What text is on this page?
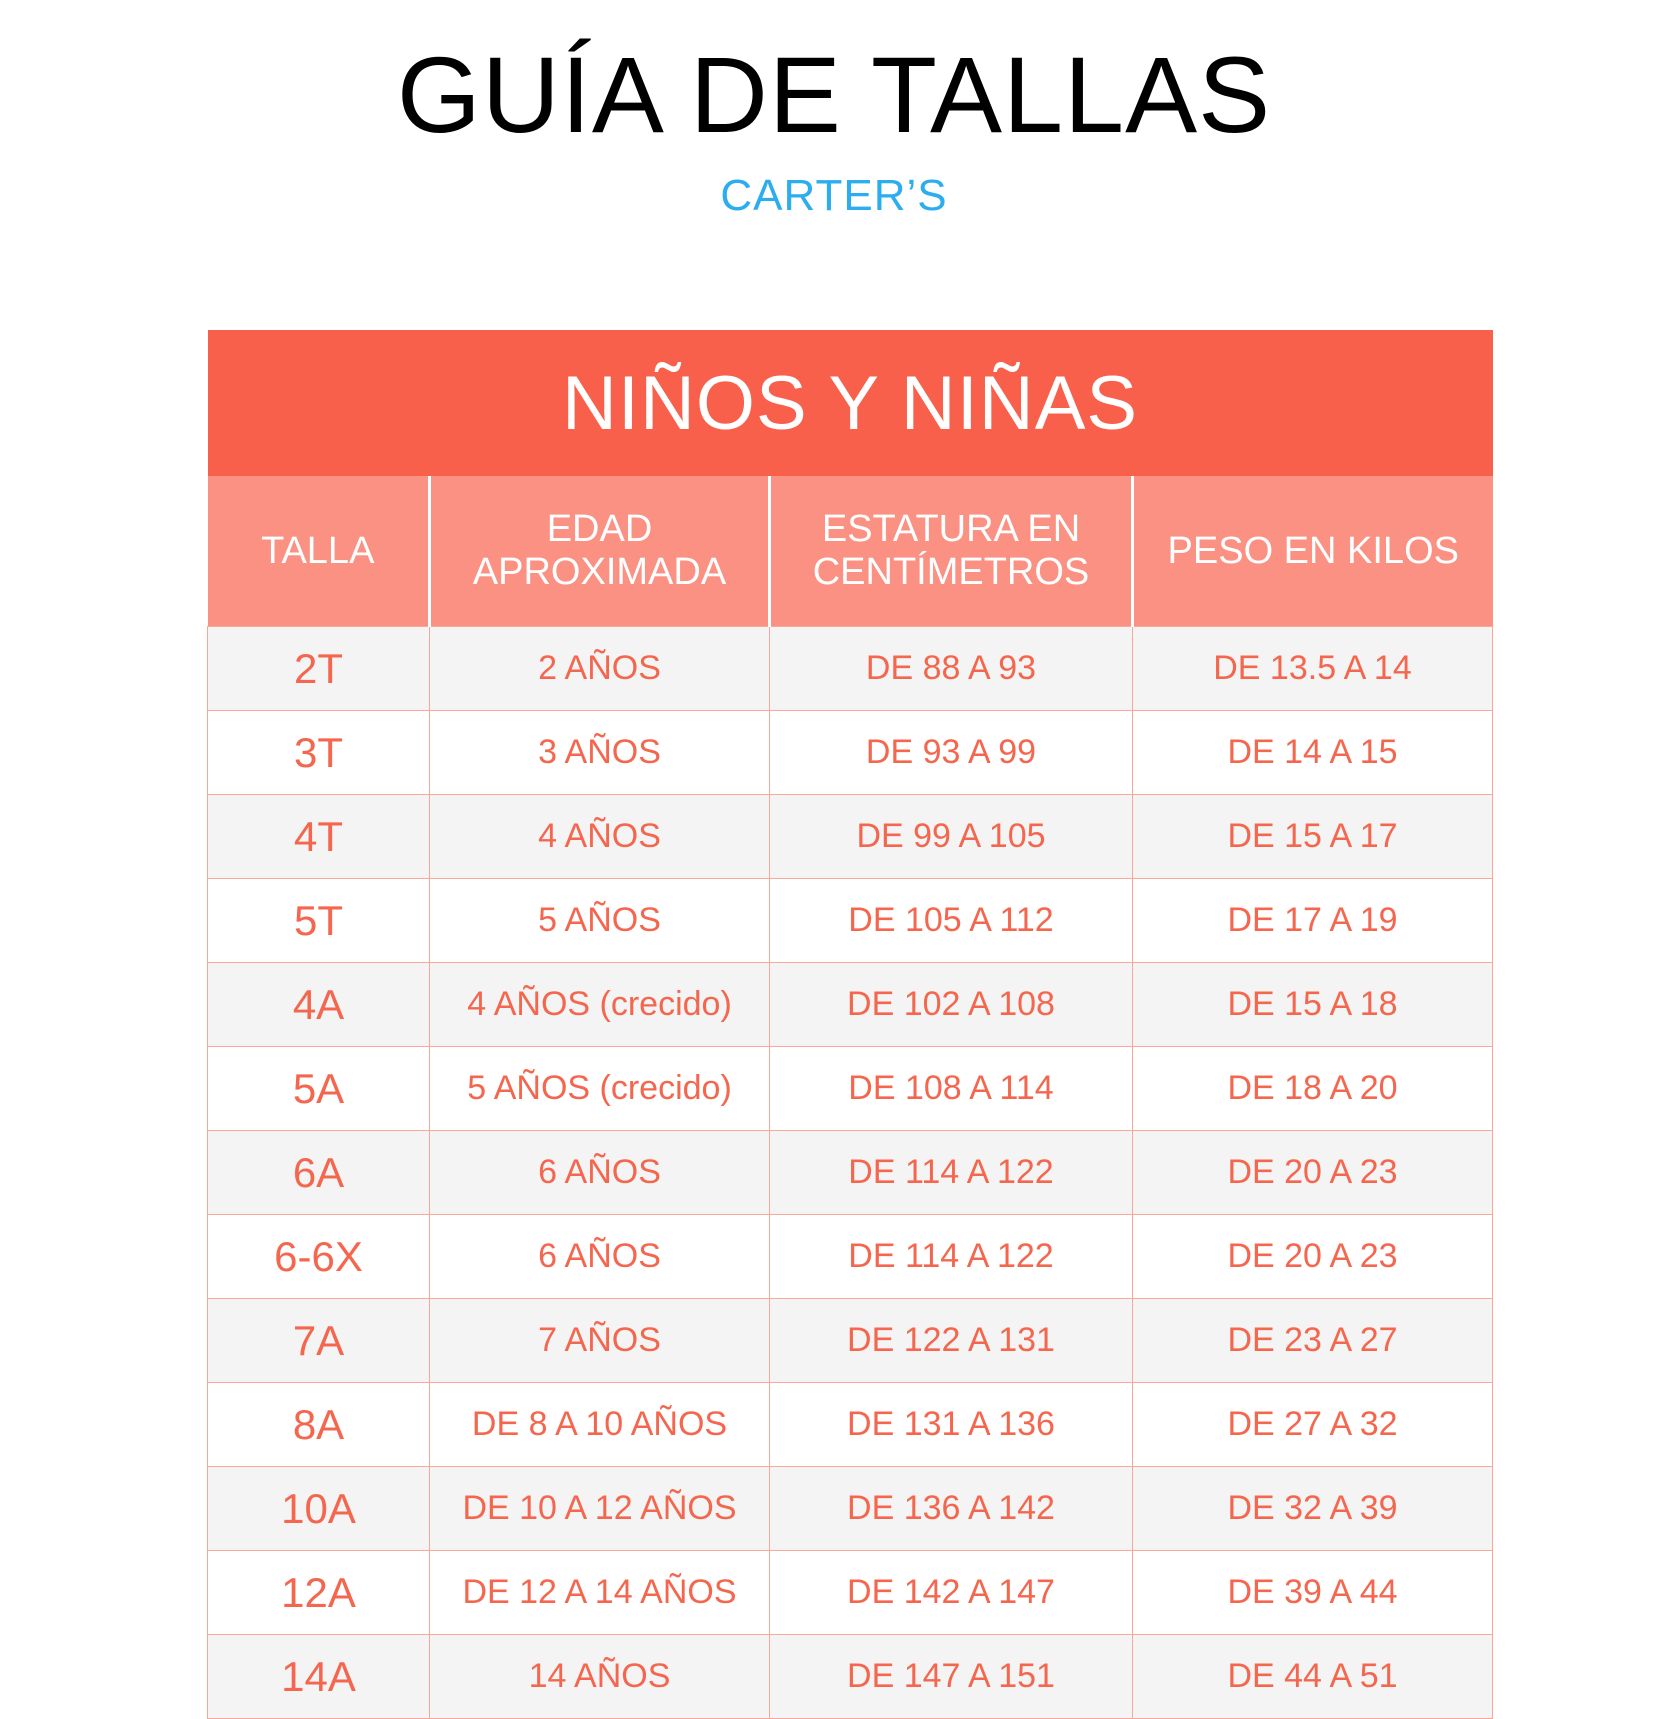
GUÍA DE TALLAS
CARTER’S
NIÑOS Y NIÑAS			
TALLA	EDAD APROXIMADA	ESTATURA EN CENTÍMETROS	PESO EN KILOS
2T	2 AÑOS	DE 88 A 93	DE 13.5 A 14
3T	3 AÑOS	DE 93 A 99	DE 14 A 15
4T	4 AÑOS	DE 99 A 105	DE 15 A 17
5T	5 AÑOS	DE 105 A 112	DE 17 A 19
4A	4 AÑOS (crecido)	DE 102 A 108	DE 15 A 18
5A	5 AÑOS (crecido)	DE 108 A 114	DE 18 A 20
6A	6 AÑOS	DE 114 A 122	DE 20 A 23
6-6X	6 AÑOS	DE 114 A 122	DE 20 A 23
7A	7 AÑOS	DE 122 A 131	DE 23 A 27
8A	DE 8 A 10 AÑOS	DE 131 A 136	DE 27 A 32
10A	DE 10 A 12 AÑOS	DE 136 A 142	DE 32 A 39
12A	DE 12 A 14 AÑOS	DE 142 A 147	DE 39 A 44
14A	14 AÑOS	DE 147 A 151	DE 44 A 51
